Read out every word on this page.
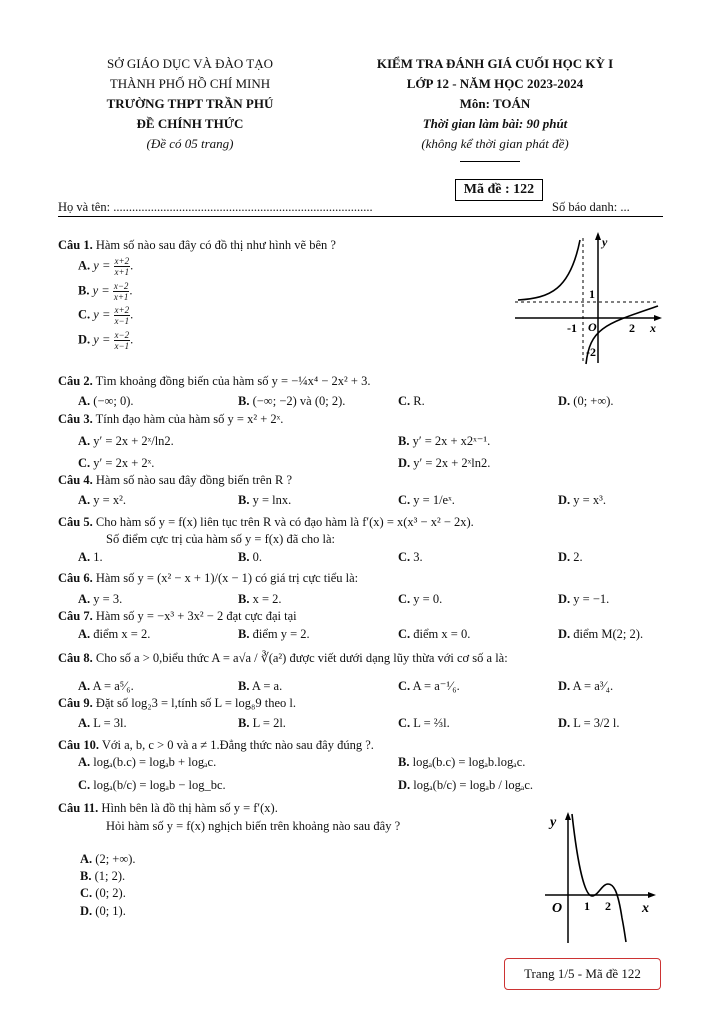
SỞ GIÁO DỤC VÀ ĐÀO TẠO
THÀNH PHỐ HỒ CHÍ MINH
TRƯỜNG THPT TRẦN PHÚ
ĐỀ CHÍNH THỨC
(Đề có 05 trang)
KIỂM TRA ĐÁNH GIÁ CUỐI HỌC KỲ I
LỚP 12 - NĂM HỌC 2023-2024
Môn: TOÁN
Thời gian làm bài: 90 phút
(không kể thời gian phát đề)
Mã đề : 122
Họ và tên: ...................................................................................	Số báo danh: ...
Câu 1. Hàm số nào sau đây có đồ thị như hình vẽ bên ?
A. $y = \frac{x+2}{x+1}$ .
B. $y = \frac{x-2}{x+1}$ .
C. $y = \frac{x+2}{x-1}$ .
D. $y = \frac{x-2}{x-1}$ .
y
x
O
1
-1	2
-2
Câu 2. Tìm khoảng đồng biến của hàm số y = −¼x⁴ − 2x² + 3.
A. (−∞; 0).	B. (−∞; −2) và (0; 2).	C. R.	D. (0; +∞).
Câu 3. Tính đạo hàm của hàm số y = x² + 2ˣ.
A. y′ = 2x + 2ˣ/ln2.	B. y′ = 2x + x2ˣ⁻¹.
C. y′ = 2x + 2ˣ.	D. y′ = 2x + 2ˣln2.
Câu 4. Hàm số nào sau đây đồng biến trên R ?
A. y = x².	B. y = lnx.	C. y = 1/eˣ.	D. y = x³.
Câu 5. Cho hàm số y = f(x) liên tục trên R và có đạo hàm là f′(x) = x(x³ − x² − 2x).
Số điểm cực trị của hàm số y = f(x) đã cho là:
A. 1.	B. 0.	C. 3.	D. 2.
Câu 6. Hàm số y = (x² − x + 1)/(x − 1) có giá trị cực tiểu là:
A. y = 3.	B. x = 2.	C. y = 0.	D. y = −1.
Câu 7. Hàm số y = −x³ + 3x² − 2 đạt cực đại tại
A. điểm x = 2.	B. điểm y = 2.	C. điểm x = 0.	D. điểm M(2; 2).
Câu 8. Cho số a > 0,biểu thức A = a√a / ∛(a²) được viết dưới dạng lũy thừa với cơ số a là:
A. A = a⁵⁄₆.	B. A = a.	C. A = a⁻¹⁄₆.	D. A = a³⁄₄.
Câu 9. Đặt số log₂3 = l,tính số L = log₈9 theo l.
A. L = 3l.	B. L = 2l.	C. L = ⅔l.	D. L = 3/2 l.
Câu 10. Với a, b, c > 0 và a ≠ 1.Đẳng thức nào sau đây đúng ?.
A. logₐ(b.c) = logₐb + logₐc.	B. logₐ(b.c) = logₐb.logₐc.
C. logₐ(b/c) = logₐb − log_bc.	D. logₐ(b/c) = logₐb / logₐc.
Câu 11. Hình bên là đồ thị hàm số y = f′(x).
Hỏi hàm số y = f(x) nghịch biến trên khoảng nào sau đây ?
A. (2; +∞).
B. (1; 2).
C. (0; 2).
D. (0; 1).
y
x
O 1 2
Trang 1/5 - Mã đề 122
